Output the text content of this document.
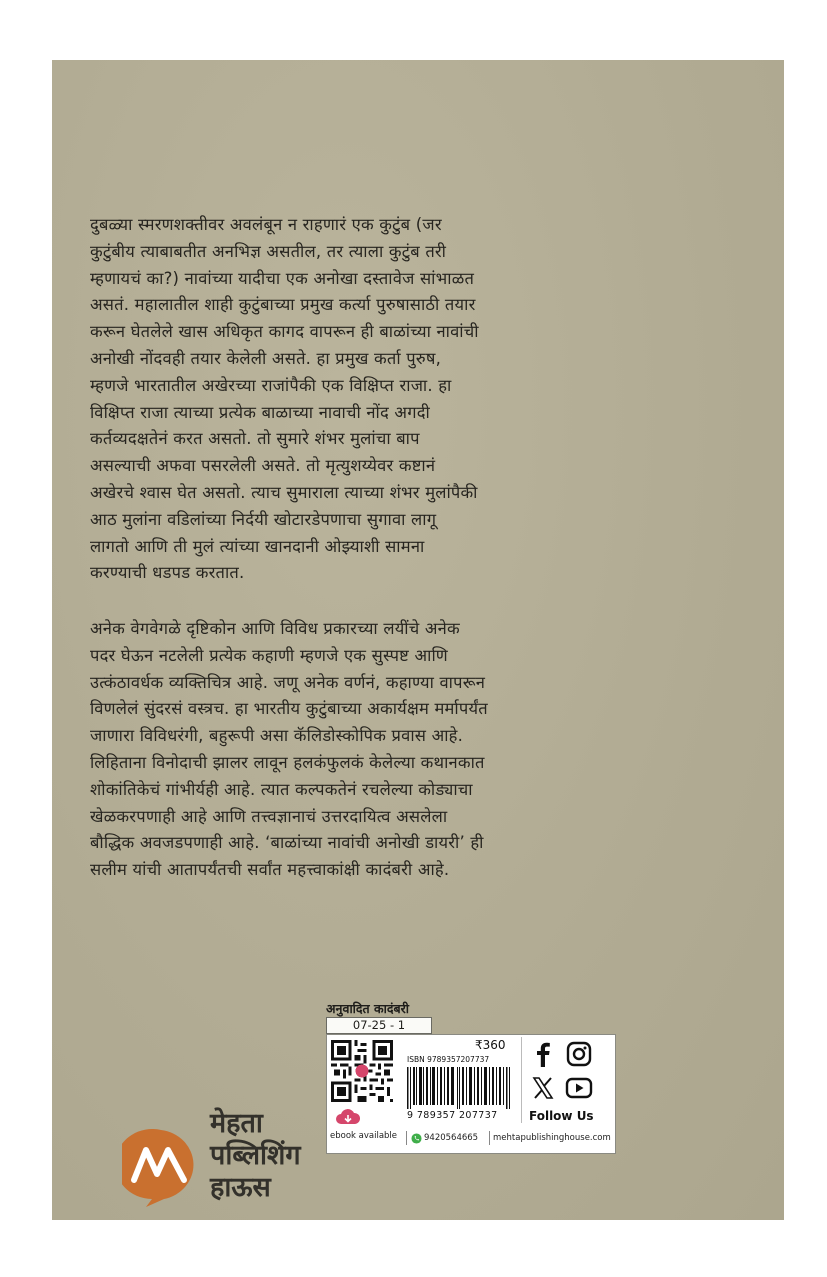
दुबळ्या स्मरणशक्तीवर अवलंबून न राहणारं एक कुटुंब (जर
कुटुंबीय त्याबाबतीत अनभिज्ञ असतील, तर त्याला कुटुंब तरी
म्हणायचं का?) नावांच्या यादीचा एक अनोखा दस्तावेज सांभाळत
असतं. महालातील शाही कुटुंबाच्या प्रमुख कर्त्या पुरुषासाठी तयार
करून घेतलेले खास अधिकृत कागद वापरून ही बाळांच्या नावांची
अनोखी नोंदवही तयार केलेली असते. हा प्रमुख कर्ता पुरुष,
म्हणजे भारतातील अखेरच्या राजांपैकी एक विक्षिप्त राजा. हा
विक्षिप्त राजा त्याच्या प्रत्येक बाळाच्या नावाची नोंद अगदी
कर्तव्यदक्षतेनं करत असतो. तो सुमारे शंभर मुलांचा बाप
असल्याची अफवा पसरलेली असते. तो मृत्युशय्येवर कष्टानं
अखेरचे श्वास घेत असतो. त्याच सुमाराला त्याच्या शंभर मुलांपैकी
आठ मुलांना वडिलांच्या निर्दयी खोटारडेपणाचा सुगावा लागू
लागतो आणि ती मुलं त्यांच्या खानदानी ओझ्याशी सामना
करण्याची धडपड करतात.

अनेक वेगवेगळे दृष्टिकोन आणि विविध प्रकारच्या लयींचे अनेक
पदर घेऊन नटलेली प्रत्येक कहाणी म्हणजे एक सुस्पष्ट आणि
उत्कंठावर्धक व्यक्तिचित्र आहे. जणू अनेक वर्णनं, कहाण्या वापरून
विणलेलं सुंदरसं वस्त्रच. हा भारतीय कुटुंबाच्या अकार्यक्षम मर्मापर्यंत
जाणारा विविधरंगी, बहुरूपी असा कॅलिडोस्कोपिक प्रवास आहे.
लिहिताना विनोदाची झालर लावून हलकंफुलकं केलेल्या कथानकात
शोकांतिकेचं गांभीर्यही आहे. त्यात कल्पकतेनं रचलेल्या कोड्याचा
खेळकरपणाही आहे आणि तत्त्वज्ञानाचं उत्तरदायित्व असलेला
बौद्धिक अवजडपणाही आहे. ‘बाळांच्या नावांची अनोखी डायरी’ ही
सलीम यांची आतापर्यंतची सर्वांत महत्त्वाकांक्षी कादंबरी आहे.

मेहता
पब्लिशिंग
हाऊस
अनुवादित कादंबरी
07-25 - 1
ebook available
₹360
ISBN 9789357207737
9 789357 207737	Follow Us
9420564665 mehtapublishinghouse.com
